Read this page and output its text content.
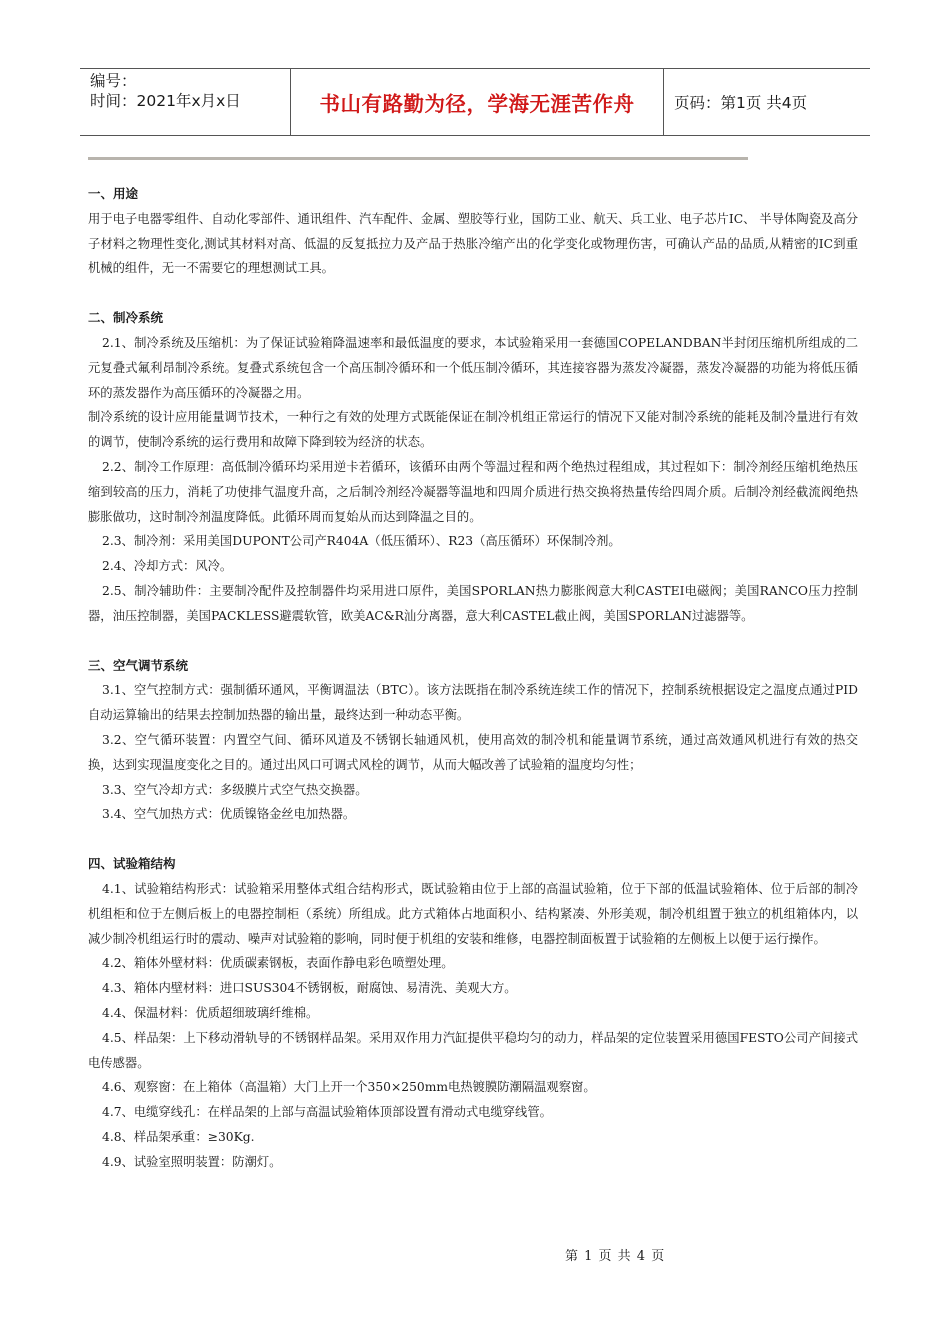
编号：
时间：2021年x月x日	书山有路勤为径，学海无涯苦作舟	页码：第1页 共4页
一、用途

用于电子电器零组件、自动化零部件、通讯组件、汽车配件、金属、塑胶等行业，国防工业、航天、兵工业、电子芯片IC、 半导体陶瓷及高分子材料之物理性变化,测试其材料对高、低温的反复抵拉力及产品于热胀冷缩产出的化学变化或物理伤害，可确认产品的品质,从精密的IC到重机械的组件，无一不需要它的理想测试工具。

二、制冷系统

2.1、制冷系统及压缩机：为了保证试验箱降温速率和最低温度的要求，本试验箱采用一套德国COPELANDBAN半封闭压缩机所组成的二元复叠式氟利昂制冷系统。复叠式系统包含一个高压制冷循环和一个低压制冷循环，其连接容器为蒸发冷凝器，蒸发冷凝器的功能为将低压循环的蒸发器作为高压循环的冷凝器之用。

制冷系统的设计应用能量调节技术，一种行之有效的处理方式既能保证在制冷机组正常运行的情况下又能对制冷系统的能耗及制冷量进行有效的调节，使制冷系统的运行费用和故障下降到较为经济的状态。

2.2、制冷工作原理：高低制冷循环均采用逆卡若循环，该循环由两个等温过程和两个绝热过程组成，其过程如下：制冷剂经压缩机绝热压缩到较高的压力，消耗了功使排气温度升高，之后制冷剂经冷凝器等温地和四周介质进行热交换将热量传给四周介质。后制冷剂经截流阀绝热膨胀做功，这时制冷剂温度降低。此循环周而复始从而达到降温之目的。

2.3、制冷剂：采用美国DUPONT公司产R404A（低压循环）、R23（高压循环）环保制冷剂。

2.4、冷却方式：风冷。

2.5、制冷辅助件：主要制冷配件及控制器件均采用进口原件，美国SPORLAN热力膨胀阀意大利CASTEI电磁阀；美国RANCO压力控制器，油压控制器，美国PACKLESS避震软管，欧美AC&R汕分离器，意大利CASTEL截止阀，美国SPORLAN过滤器等。

三、空气调节系统

3.1、空气控制方式：强制循环通风，平衡调温法（BTC）。该方法既指在制冷系统连续工作的情况下，控制系统根据设定之温度点通过PID自动运算输出的结果去控制加热器的输出量，最终达到一种动态平衡。

3.2、空气循环装置：内置空气间、循环风道及不锈钢长轴通风机，使用高效的制冷机和能量调节系统，通过高效通风机进行有效的热交换，达到实现温度变化之目的。通过出风口可调式风栓的调节，从而大幅改善了试验箱的温度均匀性；

3.3、空气冷却方式：多级膜片式空气热交换器。

3.4、空气加热方式：优质镍铬金丝电加热器。

四、试验箱结构

4.1、试验箱结构形式：试验箱采用整体式组合结构形式，既试验箱由位于上部的高温试验箱，位于下部的低温试验箱体、位于后部的制冷机组柜和位于左侧后板上的电器控制柜（系统）所组成。此方式箱体占地面积小、结构紧凑、外形美观，制冷机组置于独立的机组箱体内，以减少制冷机组运行时的震动、噪声对试验箱的影响，同时便于机组的安装和维修，电器控制面板置于试验箱的左侧板上以便于运行操作。

4.2、箱体外壁材料：优质碳素钢板，表面作静电彩色喷塑处理。

4.3、箱体内壁材料：进口SUS304不锈钢板，耐腐蚀、易清洗、美观大方。

4.4、保温材料：优质超细玻璃纤维棉。

4.5、样品架：上下移动滑轨导的不锈钢样品架。采用双作用力汽缸提供平稳均匀的动力，样品架的定位装置采用德国FESTO公司产间接式电传感器。

4.6、观察窗：在上箱体（高温箱）大门上开一个350×250mm电热镀膜防潮隔温观察窗。

4.7、电缆穿线孔：在样品架的上部与高温试验箱体顶部设置有滑动式电缆穿线管。

4.8、样品架承重：≥30Kg.

4.9、试验室照明装置：防潮灯。

第 1 页 共 4 页
